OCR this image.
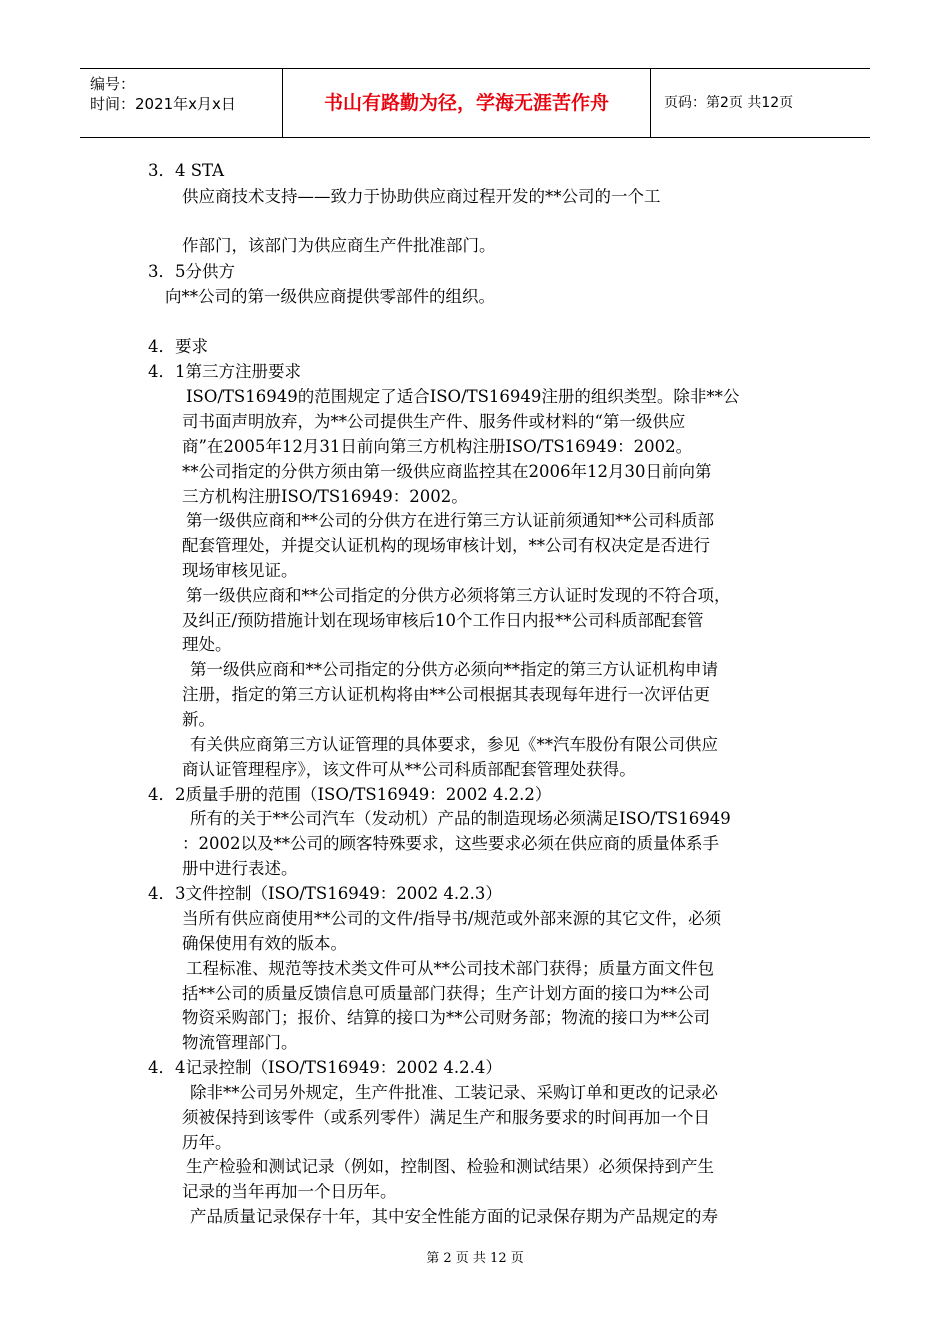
编号：
时间：2021年x月x日	书山有路勤为径，学海无涯苦作舟	页码：第2页 共12页
3．4 STA
供应商技术支持——致力于协助供应商过程开发的**公司的一个工
作部门，该部门为供应商生产件批准部门。
3．5分供方
向**公司的第一级供应商提供零部件的组织。
4．要求
4．1第三方注册要求
ISO/TS16949的范围规定了适合ISO/TS16949注册的组织类型。除非**公
司书面声明放弃，为**公司提供生产件、服务件或材料的“第一级供应
商”在2005年12月31日前向第三方机构注册ISO/TS16949：2002。
**公司指定的分供方须由第一级供应商监控其在2006年12月30日前向第
三方机构注册ISO/TS16949：2002。
第一级供应商和**公司的分供方在进行第三方认证前须通知**公司科质部
配套管理处，并提交认证机构的现场审核计划，**公司有权决定是否进行
现场审核见证。
第一级供应商和**公司指定的分供方必须将第三方认证时发现的不符合项，
及纠正/预防措施计划在现场审核后10个工作日内报**公司科质部配套管
理处。
第一级供应商和**公司指定的分供方必须向**指定的第三方认证机构申请
注册，指定的第三方认证机构将由**公司根据其表现每年进行一次评估更
新。
有关供应商第三方认证管理的具体要求，参见《**汽车股份有限公司供应
商认证管理程序》，该文件可从**公司科质部配套管理处获得。
4．2质量手册的范围（ISO/TS16949：2002 4.2.2）
所有的关于**公司汽车（发动机）产品的制造现场必须满足ISO/TS16949
：2002以及**公司的顾客特殊要求，这些要求必须在供应商的质量体系手
册中进行表述。
4．3文件控制（ISO/TS16949：2002 4.2.3）
当所有供应商使用**公司的文件/指导书/规范或外部来源的其它文件，必须
确保使用有效的版本。
工程标准、规范等技术类文件可从**公司技术部门获得；质量方面文件包
括**公司的质量反馈信息可质量部门获得；生产计划方面的接口为**公司
物资采购部门；报价、结算的接口为**公司财务部；物流的接口为**公司
物流管理部门。
4．4记录控制（ISO/TS16949：2002 4.2.4）
除非**公司另外规定，生产件批准、工装记录、采购订单和更改的记录必
须被保持到该零件（或系列零件）满足生产和服务要求的时间再加一个日
历年。
生产检验和测试记录（例如，控制图、检验和测试结果）必须保持到产生
记录的当年再加一个日历年。
产品质量记录保存十年，其中安全性能方面的记录保存期为产品规定的寿
第 2 页 共 12 页
